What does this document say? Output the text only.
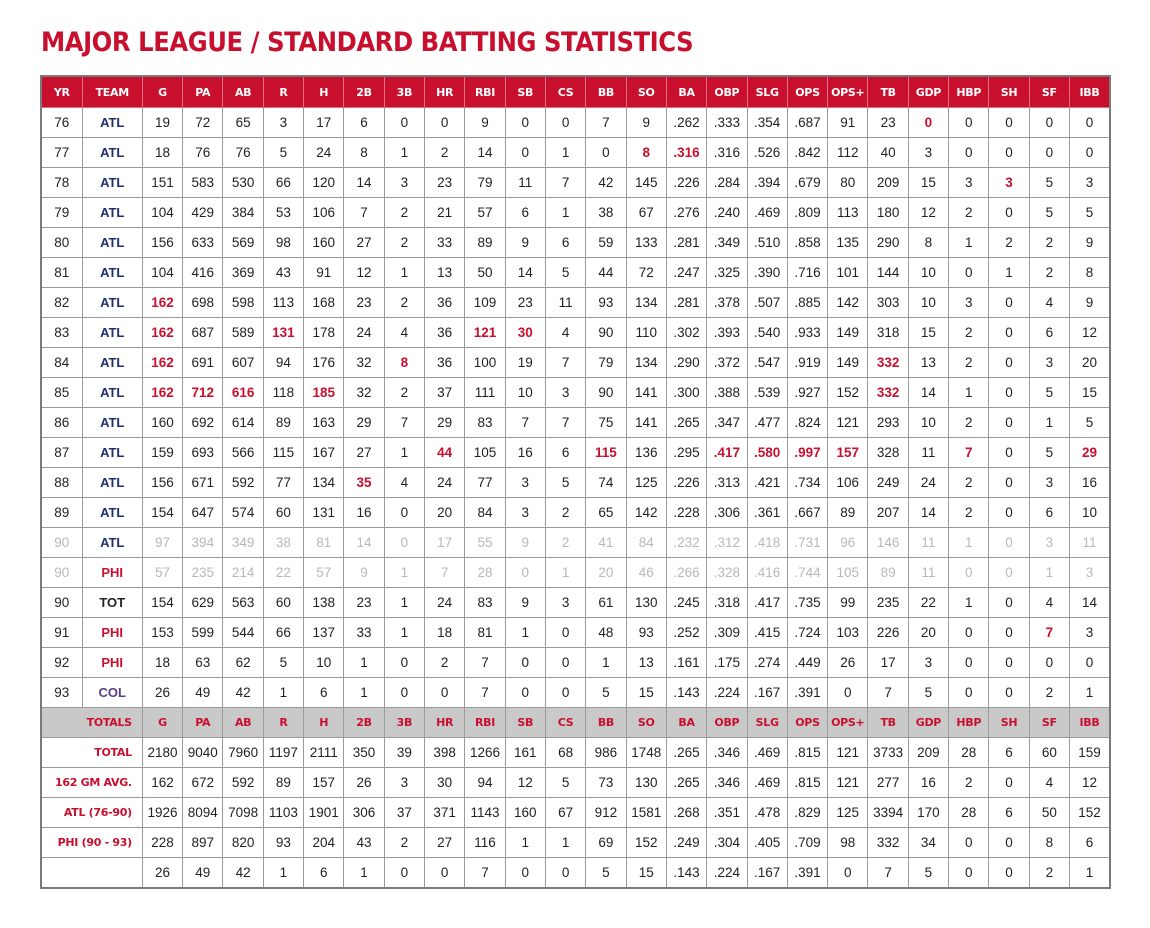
MAJOR LEAGUE / STANDARD BATTING STATISTICS
YR	TEAM	G	PA	AB	R	H	2B	3B	HR	RBI	SB	CS	BB	SO	BA	OBP	SLG	OPS	OPS+	TB	GDP	HBP	SH	SF	IBB
76	ATL	19	72	65	3	17	6	0	0	9	0	0	7	9	.262	.333	.354	.687	91	23	0	0	0	0	0
77	ATL	18	76	76	5	24	8	1	2	14	0	1	0	8	.316	.316	.526	.842	112	40	3	0	0	0	0
78	ATL	151	583	530	66	120	14	3	23	79	11	7	42	145	.226	.284	.394	.679	80	209	15	3	3	5	3
79	ATL	104	429	384	53	106	7	2	21	57	6	1	38	67	.276	.240	.469	.809	113	180	12	2	0	5	5
80	ATL	156	633	569	98	160	27	2	33	89	9	6	59	133	.281	.349	.510	.858	135	290	8	1	2	2	9
81	ATL	104	416	369	43	91	12	1	13	50	14	5	44	72	.247	.325	.390	.716	101	144	10	0	1	2	8
82	ATL	162	698	598	113	168	23	2	36	109	23	11	93	134	.281	.378	.507	.885	142	303	10	3	0	4	9
83	ATL	162	687	589	131	178	24	4	36	121	30	4	90	110	.302	.393	.540	.933	149	318	15	2	0	6	12
84	ATL	162	691	607	94	176	32	8	36	100	19	7	79	134	.290	.372	.547	.919	149	332	13	2	0	3	20
85	ATL	162	712	616	118	185	32	2	37	111	10	3	90	141	.300	.388	.539	.927	152	332	14	1	0	5	15
86	ATL	160	692	614	89	163	29	7	29	83	7	7	75	141	.265	.347	.477	.824	121	293	10	2	0	1	5
87	ATL	159	693	566	115	167	27	1	44	105	16	6	115	136	.295	.417	.580	.997	157	328	11	7	0	5	29
88	ATL	156	671	592	77	134	35	4	24	77	3	5	74	125	.226	.313	.421	.734	106	249	24	2	0	3	16
89	ATL	154	647	574	60	131	16	0	20	84	3	2	65	142	.228	.306	.361	.667	89	207	14	2	0	6	10
90	ATL	97	394	349	38	81	14	0	17	55	9	2	41	84	.232	.312	.418	.731	96	146	11	1	0	3	11
90	PHI	57	235	214	22	57	9	1	7	28	0	1	20	46	.266	.328	.416	.744	105	89	11	0	0	1	3
90	TOT	154	629	563	60	138	23	1	24	83	9	3	61	130	.245	.318	.417	.735	99	235	22	1	0	4	14
91	PHI	153	599	544	66	137	33	1	18	81	1	0	48	93	.252	.309	.415	.724	103	226	20	0	0	7	3
92	PHI	18	63	62	5	10	1	0	2	7	0	0	1	13	.161	.175	.274	.449	26	17	3	0	0	0	0
93	COL	26	49	42	1	6	1	0	0	7	0	0	5	15	.143	.224	.167	.391	0	7	5	0	0	2	1
TOTALS		G	PA	AB	R	H	2B	3B	HR	RBI	SB	CS	BB	SO	BA	OBP	SLG	OPS	OPS+	TB	GDP	HBP	SH	SF	IBB
TOTAL		2180	9040	7960	1197	2111	350	39	398	1266	161	68	986	1748	.265	.346	.469	.815	121	3733	209	28	6	60	159
162 GM AVG.		162	672	592	89	157	26	3	30	94	12	5	73	130	.265	.346	.469	.815	121	277	16	2	0	4	12
ATL (76-90)		1926	8094	7098	1103	1901	306	37	371	1143	160	67	912	1581	.268	.351	.478	.829	125	3394	170	28	6	50	152
PHI (90 - 93)		228	897	820	93	204	43	2	27	116	1	1	69	152	.249	.304	.405	.709	98	332	34	0	0	8	6
		26	49	42	1	6	1	0	0	7	0	0	5	15	.143	.224	.167	.391	0	7	5	0	0	2	1
